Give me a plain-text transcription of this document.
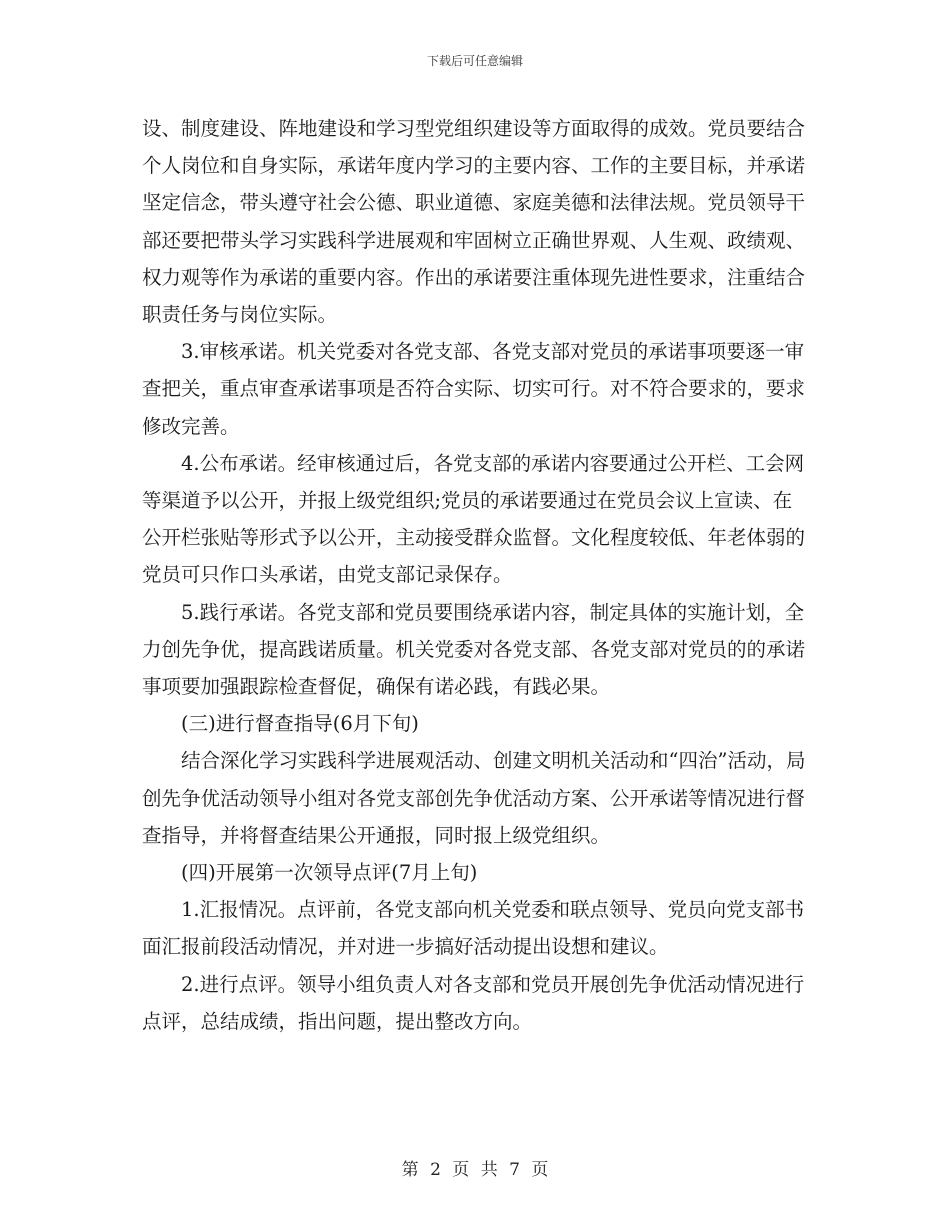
下载后可任意编辑

设、制度建设、阵地建设和学习型党组织建设等方面取得的成效。党员要结合个人岗位和自身实际，承诺年度内学习的主要内容、工作的主要目标，并承诺坚定信念，带头遵守社会公德、职业道德、家庭美德和法律法规。党员领导干部还要把带头学习实践科学进展观和牢固树立正确世界观、人生观、政绩观、权力观等作为承诺的重要内容。作出的承诺要注重体现先进性要求，注重结合职责任务与岗位实际。

3.审核承诺。机关党委对各党支部、各党支部对党员的承诺事项要逐一审查把关，重点审查承诺事项是否符合实际、切实可行。对不符合要求的，要求修改完善。

4.公布承诺。经审核通过后，各党支部的承诺内容要通过公开栏、工会网等渠道予以公开，并报上级党组织;党员的承诺要通过在党员会议上宣读、在公开栏张贴等形式予以公开，主动接受群众监督。文化程度较低、年老体弱的党员可只作口头承诺，由党支部记录保存。

5.践行承诺。各党支部和党员要围绕承诺内容，制定具体的实施计划，全力创先争优，提高践诺质量。机关党委对各党支部、各党支部对党员的的承诺事项要加强跟踪检查督促，确保有诺必践，有践必果。

(三)进行督查指导(6月下旬)

结合深化学习实践科学进展观活动、创建文明机关活动和“四治”活动，局创先争优活动领导小组对各党支部创先争优活动方案、公开承诺等情况进行督查指导，并将督查结果公开通报，同时报上级党组织。

(四)开展第一次领导点评(7月上旬)

1.汇报情况。点评前，各党支部向机关党委和联点领导、党员向党支部书面汇报前段活动情况，并对进一步搞好活动提出设想和建议。

2.进行点评。领导小组负责人对各支部和党员开展创先争优活动情况进行点评，总结成绩，指出问题，提出整改方向。

第 2 页 共 7 页
